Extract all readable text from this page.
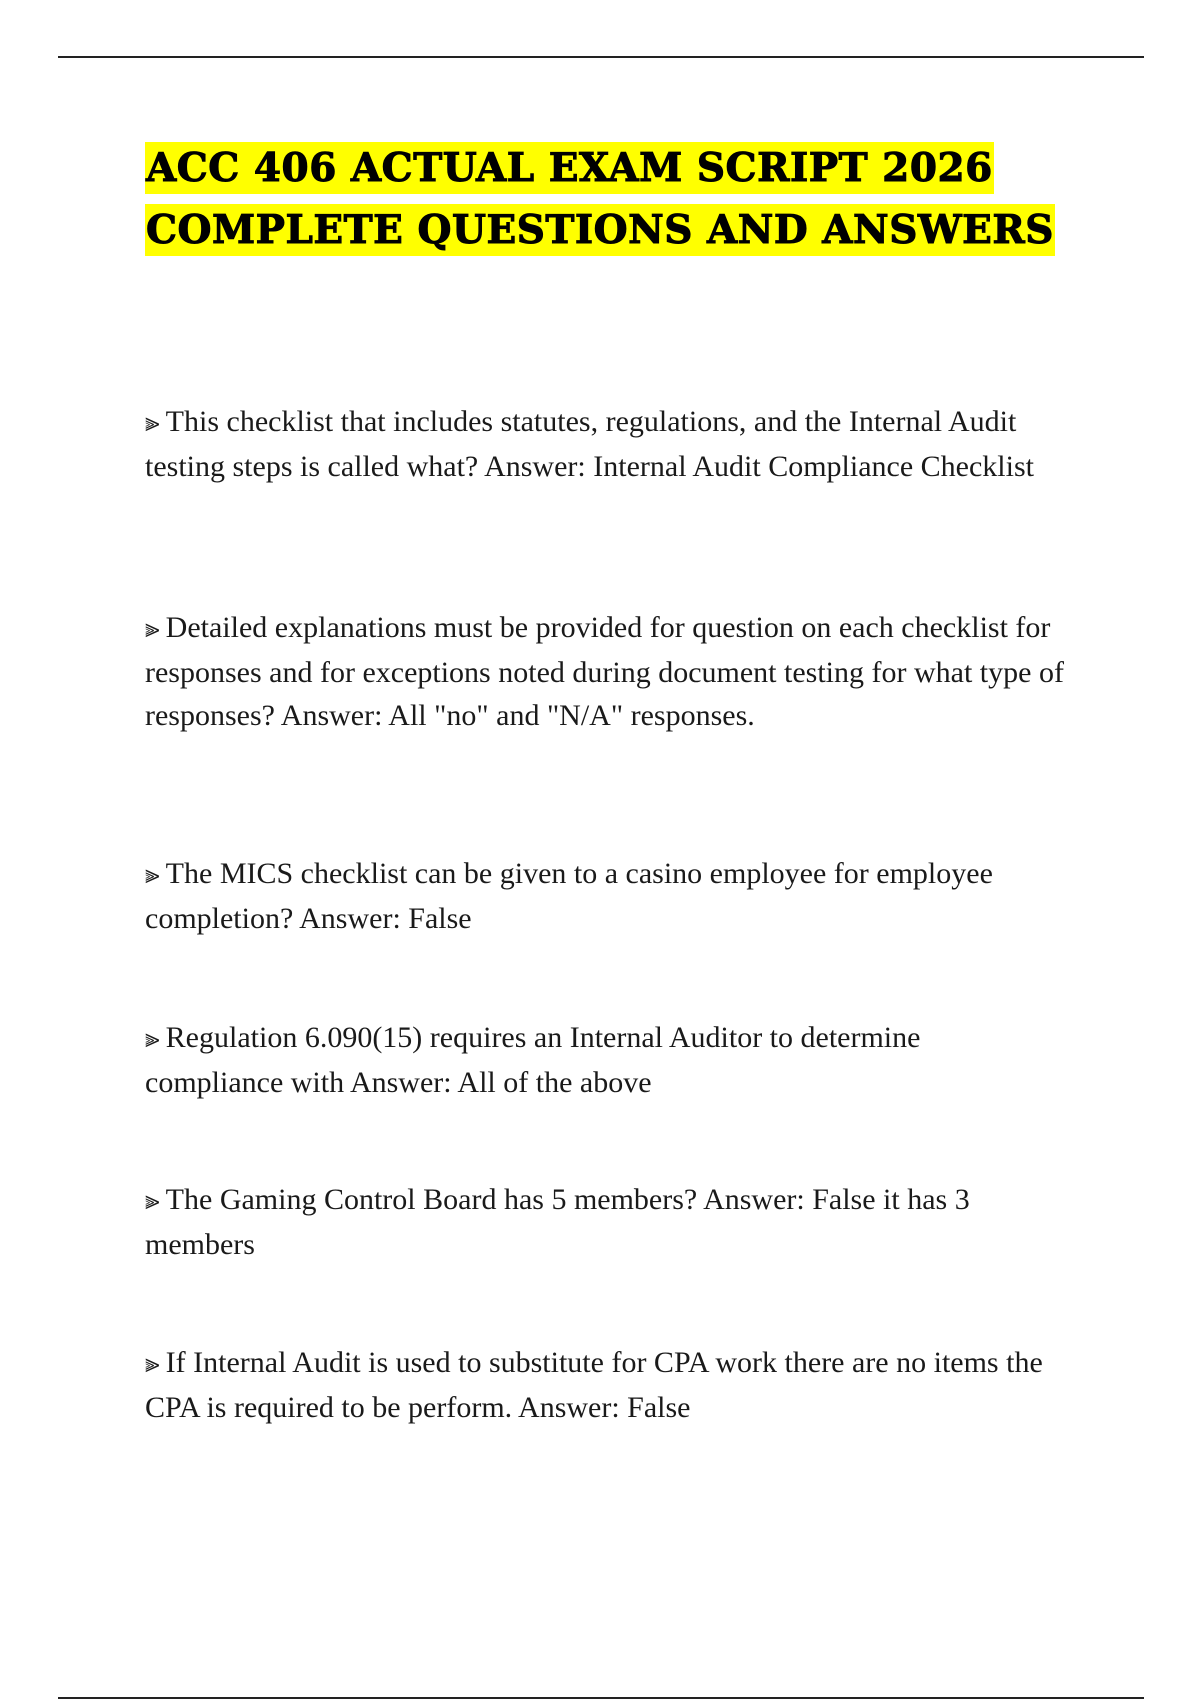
ACC 406 ACTUAL EXAM SCRIPT 2026
COMPLETE QUESTIONS AND ANSWERS

⫸ This checklist that includes statutes, regulations, and the Internal Audit testing steps is called what? Answer: Internal Audit Compliance Checklist

⫸ Detailed explanations must be provided for question on each checklist for responses and for exceptions noted during document testing for what type of responses? Answer: All "no" and "N/A" responses.

⫸ The MICS checklist can be given to a casino employee for employee completion? Answer: False

⫸ Regulation 6.090(15) requires an Internal Auditor to determine compliance with Answer: All of the above

⫸ The Gaming Control Board has 5 members? Answer: False it has 3 members

⫸ If Internal Audit is used to substitute for CPA work there are no items the CPA is required to be perform. Answer: False
